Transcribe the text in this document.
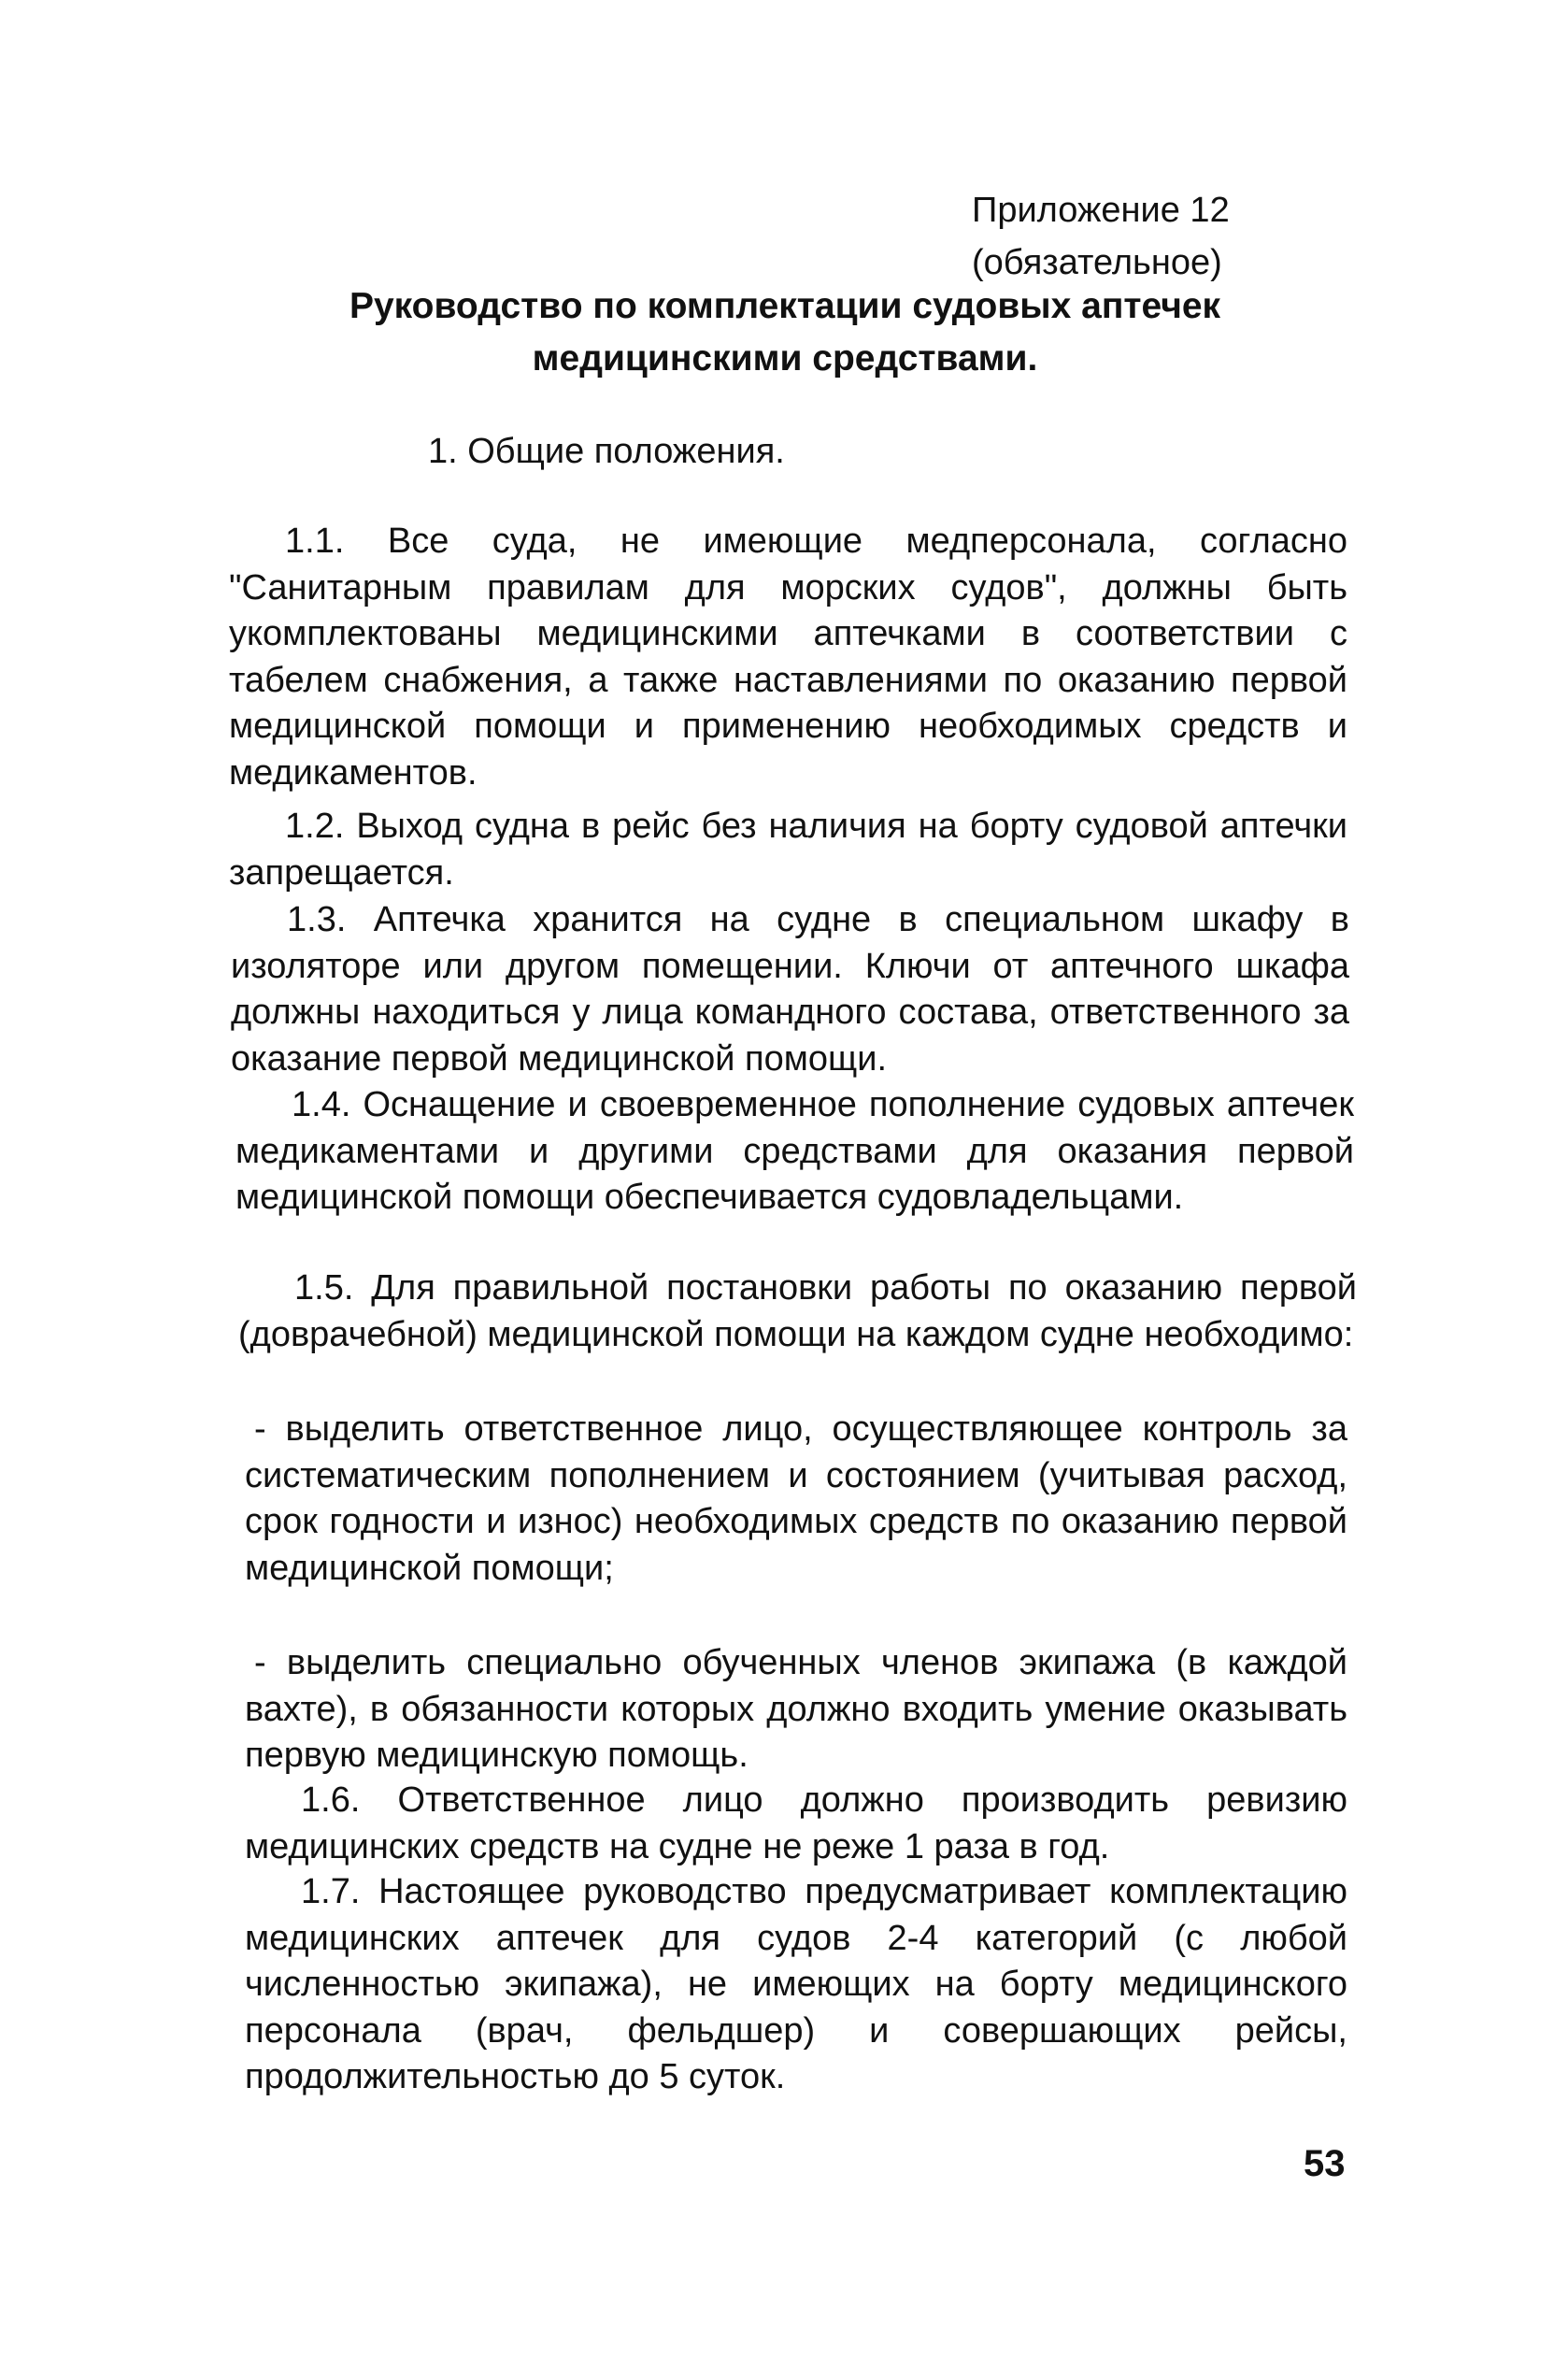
Приложение 12
(обязательное)
Руководство по комплектации судовых аптечек
медицинскими средствами.
1. Общие положения.

1.1. Все суда, не имеющие медперсонала, согласно "Санитарным правилам для морских судов", должны быть укомплектованы медицинскими аптечками в соответствии с табелем снабжения, а также наставлениями по оказанию первой медицинской помощи и применению необходимых средств и медикаментов.

1.2. Выход судна в рейс без наличия на борту судовой аптечки запрещается.

1.3. Аптечка хранится на судне в специальном шкафу в изоляторе или другом помещении. Ключи от аптечного шкафа должны находиться у лица командного состава, ответственного за оказание первой медицинской помощи.

1.4. Оснащение и своевременное пополнение судовых аптечек медикаментами и другими средствами для оказания первой медицинской помощи обеспечивается судовладельцами.

1.5. Для правильной постановки работы по оказанию первой (доврачебной) медицинской помощи на каждом судне необходимо:

- выделить ответственное лицо, осуществляющее контроль за систематическим пополнением и состоянием (учитывая расход, срок годности и износ) необходимых средств по оказанию первой медицинской помощи;

- выделить специально обученных членов экипажа (в каждой вахте), в обязанности которых должно входить умение оказывать первую медицинскую помощь.

1.6. Ответственное лицо должно производить ревизию медицинских средств на судне не реже 1 раза в год.

1.7. Настоящее руководство предусматривает комплектацию медицинских аптечек для судов 2-4 категорий (с любой численностью экипажа), не имеющих на борту медицинского персонала (врач, фельдшер) и совершающих рейсы, продолжительностью до 5 суток.

53
